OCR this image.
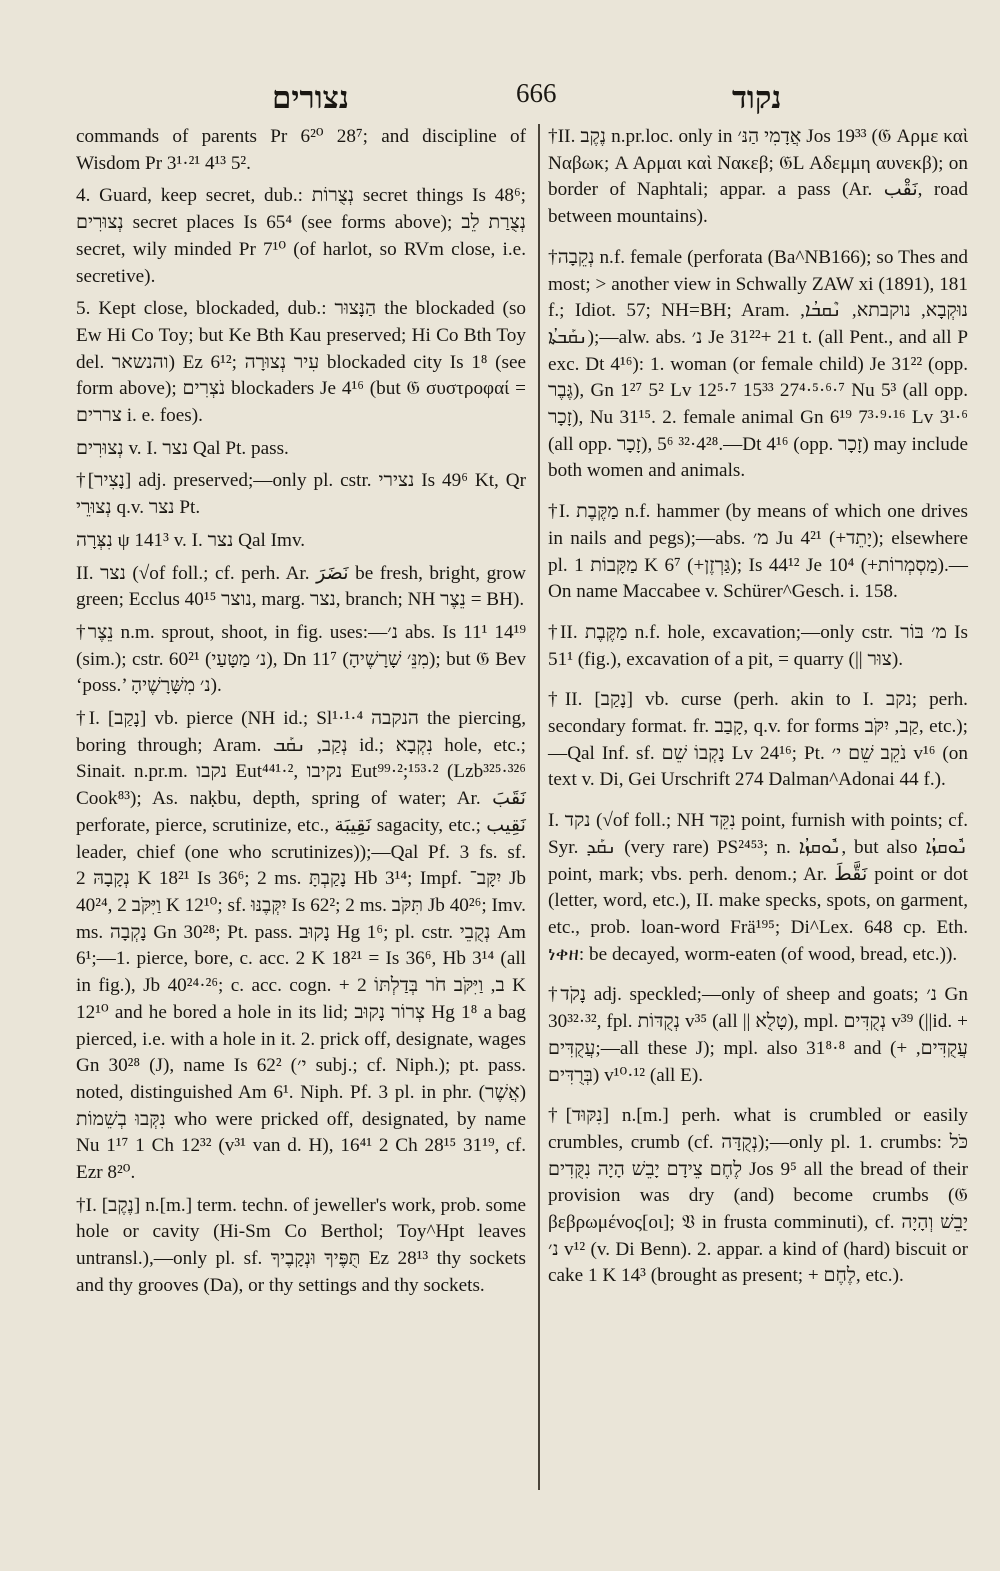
נצורים	666	נקוד

commands of parents Pr 6²⁰ 28⁷; and discipline of Wisdom Pr 3¹·²¹ 4¹³ 5².

4. Guard, keep secret, dub.: נְצֻרוֹת secret things Is 48⁶; נְצוּרִים secret places Is 65⁴ (see forms above); נְצֻרַת לֵב secret, wily minded Pr 7¹⁰ (of harlot, so RVm close, i.e. secretive).

5. Kept close, blockaded, dub.: הַנָּצוּר the blockaded (so Ew Hi Co Toy; but Ke Bth Kau preserved; Hi Co Bth Toy del. והנשאר) Ez 6¹²; עִיר נְצוּרָה blockaded city Is 1⁸ (see form above); נֹצְרִים blockaders Je 4¹⁶ (but 𝔊 συστροφαί = צררים i. e. foes).

נְצוּרִים v. I. נצר Qal Pt. pass.

†[נָצִיר] adj. preserved;—only pl. cstr. נצירי Is 49⁶ Kt, Qr נְצוּרֵי q.v. נצר Pt.

נִצְּרָה ψ 141³ v. I. נצר Qal Imv.

II. נצר (√of foll.; cf. perh. Ar. نَضَرَ be fresh, bright, grow green; Ecclus 40¹⁵ נוצר, marg. נצר, branch; NH נֵצֶר = BH).

†נֵצֶר n.m. sprout, shoot, in fig. uses:—נ׳ abs. Is 11¹ 14¹⁹ (sim.); cstr. 60²¹ (נ׳ מַטָּעַי), Dn 11⁷ (מִנֵּ׳ שָׁרָשֶׁיהָ); but 𝔊 Bev ‘poss.’ נ׳ מִשָּׁרָשֶׁיהָ).

†I. [נָקַב] vb. pierce (NH id.; Sl¹·¹·⁴ הנקבה the piercing, boring through; Aram. נְקַב, ܢܩܰܒ id.; נִקְבָא hole, etc.; Sinait. n.pr.m. נקבו Eut⁴⁴¹·², נקיבו Eut⁹⁹·²;¹⁵³·² (Lzb³²⁵·³²⁶ Cook⁸³); As. naḳbu, depth, spring of water; Ar. نَقَبَ perforate, pierce, scrutinize, etc., نَقِيبَة sagacity, etc.; نَقِيب leader, chief (one who scrutinizes));—Qal Pf. 3 fs. sf. נְקָבָהּ 2 K 18²¹ Is 36⁶; 2 ms. נָקַבְתָּ Hb 3¹⁴; Impf. יִקָּב־ Jb 40²⁴, וַיִּקֹּב 2 K 12¹⁰; sf. יִקְּבֶנּוּ Is 62²; 2 ms. תִּקֹּב Jb 40²⁶; Imv. ms. נָקְבָה Gn 30²⁸; Pt. pass. נָקוּב Hg 1⁶; pl. cstr. נְקֻבֵי Am 6¹;—1. pierce, bore, c. acc. 2 K 18²¹ = Is 36⁶, Hb 3¹⁴ (all in fig.), Jb 40²⁴·²⁶; c. acc. cogn. + ב, וַיִּקֹּב חֹר בְּדַלְתּוֹ 2 K 12¹⁰ and he bored a hole in its lid; צְרוֹר נָקוּב Hg 1⁸ a bag pierced, i.e. with a hole in it. 2. prick off, designate, wages Gn 30²⁸ (J), name Is 62² (י׳ subj.; cf. Niph.); pt. pass. noted, distinguished Am 6¹. Niph. Pf. 3 pl. in phr. (אֲשֶׁר) נִקְּבוּ בְשֵׁמוֹת who were pricked off, designated, by name Nu 1¹⁷ 1 Ch 12³² (v³¹ van d. H), 16⁴¹ 2 Ch 28¹⁵ 31¹⁹, cf. Ezr 8²⁰.

†I. [נֶקֶב] n.[m.] term. techn. of jeweller's work, prob. some hole or cavity (Hi-Sm Co Berthol; Toy^Hpt leaves untransl.),—only pl. sf. תֻּפֶּיךָ וּנְקָבֶיךָ Ez 28¹³ thy sockets and thy grooves (Da), or thy settings and thy sockets.

†II. נֶקֶב n.pr.loc. only in אֲדָמִי הַנּ׳ Jos 19³³ (𝔊 Αρμε καὶ Ναβωκ; A Αρμαι καὶ Νακεβ; 𝔊L Αδεμμη αυνεκβ); on border of Naphtali; appar. a pass (Ar. نَقْب, road between mountains).

†נְקֵבָה n.f. female (perforata (Ba^NB166); so Thes and most; > another view in Schwally ZAW xi (1891), 181 f.; Idiot. 57; NH=BH; Aram. נוּקְבָא, נוקבתא, ܢܶܩܒܳܐ, ܢܩܰܒܬܳܐ);—alw. abs. נ׳ Je 31²²+ 21 t. (all Pent., and all P exc. Dt 4¹⁶): 1. woman (or female child) Je 31²² (opp. גֶּבֶר), Gn 1²⁷ 5² Lv 12⁵·⁷ 15³³ 27⁴·⁵·⁶·⁷ Nu 5³ (all opp. זָכָר), Nu 31¹⁵. 2. female animal Gn 6¹⁹ 7³·⁹·¹⁶ Lv 3¹·⁶ (all opp. זָכָר), 4²⁸·³² 5⁶.—Dt 4¹⁶ (opp. זָכָר) may include both women and animals.

†I. מַקֶּבֶת n.f. hammer (by means of which one drives in nails and pegs);—abs. מ׳ Ju 4²¹ (+יָתֵד); elsewhere pl. מַקָּבוֹת 1 K 6⁷ (+גַּרְזֶן); Is 44¹² Je 10⁴ (+מַסְמְרוֹת).—On name Maccabee v. Schürer^Gesch. i. 158.

†II. מַקֶּבֶת n.f. hole, excavation;—only cstr. מ׳ בּוֹר Is 51¹ (fig.), excavation of a pit, = quarry (|| צוּר).

†II. [נָקַב] vb. curse (perh. akin to I. נקב; perh. secondary format. fr. קָבַב, q.v. for forms קַב, יִקֹּב, etc.);—Qal Inf. sf. נָקְבוֹ שֵׁם Lv 24¹⁶; Pt. נֹקֵב שֵׁם י׳ v¹⁶ (on text v. Di, Gei Urschrift 274 Dalman^Adonai 44 f.).

I. נקד (√of foll.; NH נִקֵּד point, furnish with points; cf. Syr. ܢܩܰܕ (very rare) PS²⁴⁵³; n. ܢܽܘܩܙܳܐ, but also ܢܽܘܩܙܳܐ point, mark; vbs. perh. denom.; Ar. نَقَّطَ point or dot (letter, word, etc.), II. make specks, spots, on garment, etc., prob. loan-word Frä¹⁹⁵; Di^Lex. 648 cp. Eth. ነቀዘ: be decayed, worm-eaten (of wood, bread, etc.)).

†נָקֹד adj. speckled;—only of sheep and goats; נ׳ Gn 30³²·³², fpl. נְקֻדּוֹת v³⁵ (all || טָלֻא), mpl. נְקֻדִּים v³⁹ (||id. + עֲקֻדִּים;—all these J); mpl. also 31⁸·⁸ and (+ עֲקֻדִּים, בְּרֻדִּים) v¹⁰·¹² (all E).

†[נִקּוּד] n.[m.] perh. what is crumbled or easily crumbles, crumb (cf. נְקֻדָּה);—only pl. 1. crumbs: כֹּל לֶחֶם צֵידָם יָבֵשׁ הָיָה נִקֻּדִים Jos 9⁵ all the bread of their provision was dry (and) become crumbs (𝔊 βεβρωμένος[οι]; 𝔙 in frusta comminuti), cf. יָבֵשׁ וְהָיָה נ׳ v¹² (v. Di Benn). 2. appar. a kind of (hard) biscuit or cake 1 K 14³ (brought as present; + לֶחֶם, etc.).
